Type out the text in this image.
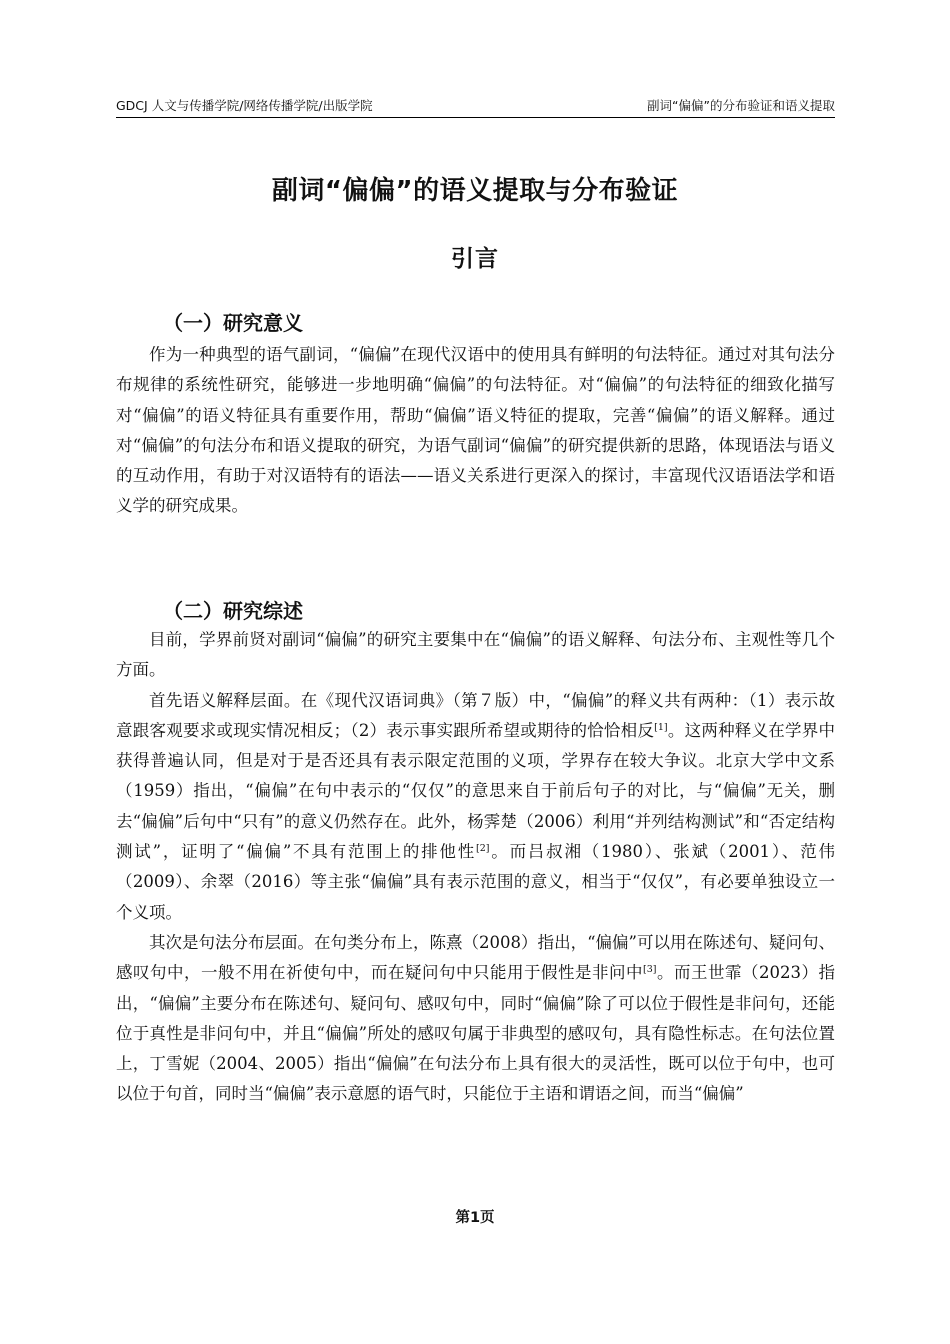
GDCJ 人文与传播学院/网络传播学院/出版学院	副词“偏偏”的分布验证和语义提取
副词“偏偏”的语义提取与分布验证
引言
（一）研究意义

作为一种典型的语气副词，“偏偏”在现代汉语中的使用具有鲜明的句法特征。通过对其句法分布规律的系统性研究，能够进一步地明确“偏偏”的句法特征。对“偏偏”的句法特征的细致化描写对“偏偏”的语义特征具有重要作用，帮助“偏偏”语义特征的提取，完善“偏偏”的语义解释。通过对“偏偏”的句法分布和语义提取的研究，为语气副词“偏偏”的研究提供新的思路，体现语法与语义的互动作用，有助于对汉语特有的语法——语义关系进行更深入的探讨，丰富现代汉语语法学和语义学的研究成果。

（二）研究综述

目前，学界前贤对副词“偏偏”的研究主要集中在“偏偏”的语义解释、句法分布、主观性等几个方面。

首先语义解释层面。在《现代汉语词典》（第７版）中，“偏偏”的释义共有两种：（1）表示故意跟客观要求或现实情况相反；（2）表示事实跟所希望或期待的恰恰相反[1]。这两种释义在学界中获得普遍认同，但是对于是否还具有表示限定范围的义项，学界存在较大争议。北京大学中文系（1959）指出，“偏偏”在句中表示的“仅仅”的意思来自于前后句子的对比，与“偏偏”无关，删去“偏偏”后句中“只有”的意义仍然存在。此外，杨霁楚（2006）利用“并列结构测试”和“否定结构测试”，证明了“偏偏”不具有范围上的排他性[2]。而吕叔湘（1980）、张斌（2001）、范伟（2009）、余翠（2016）等主张“偏偏”具有表示范围的意义，相当于“仅仅”，有必要单独设立一个义项。

其次是句法分布层面。在句类分布上，陈熹（2008）指出，“偏偏”可以用在陈述句、疑问句、感叹句中，一般不用在祈使句中，而在疑问句中只能用于假性是非问中[3]。而王世霏（2023）指出，“偏偏”主要分布在陈述句、疑问句、感叹句中，同时“偏偏”除了可以位于假性是非问句，还能位于真性是非问句中，并且“偏偏”所处的感叹句属于非典型的感叹句，具有隐性标志。在句法位置上，丁雪妮（2004、2005）指出“偏偏”在句法分布上具有很大的灵活性，既可以位于句中，也可以位于句首，同时当“偏偏”表示意愿的语气时，只能位于主语和谓语之间，而当“偏偏”

第1页
